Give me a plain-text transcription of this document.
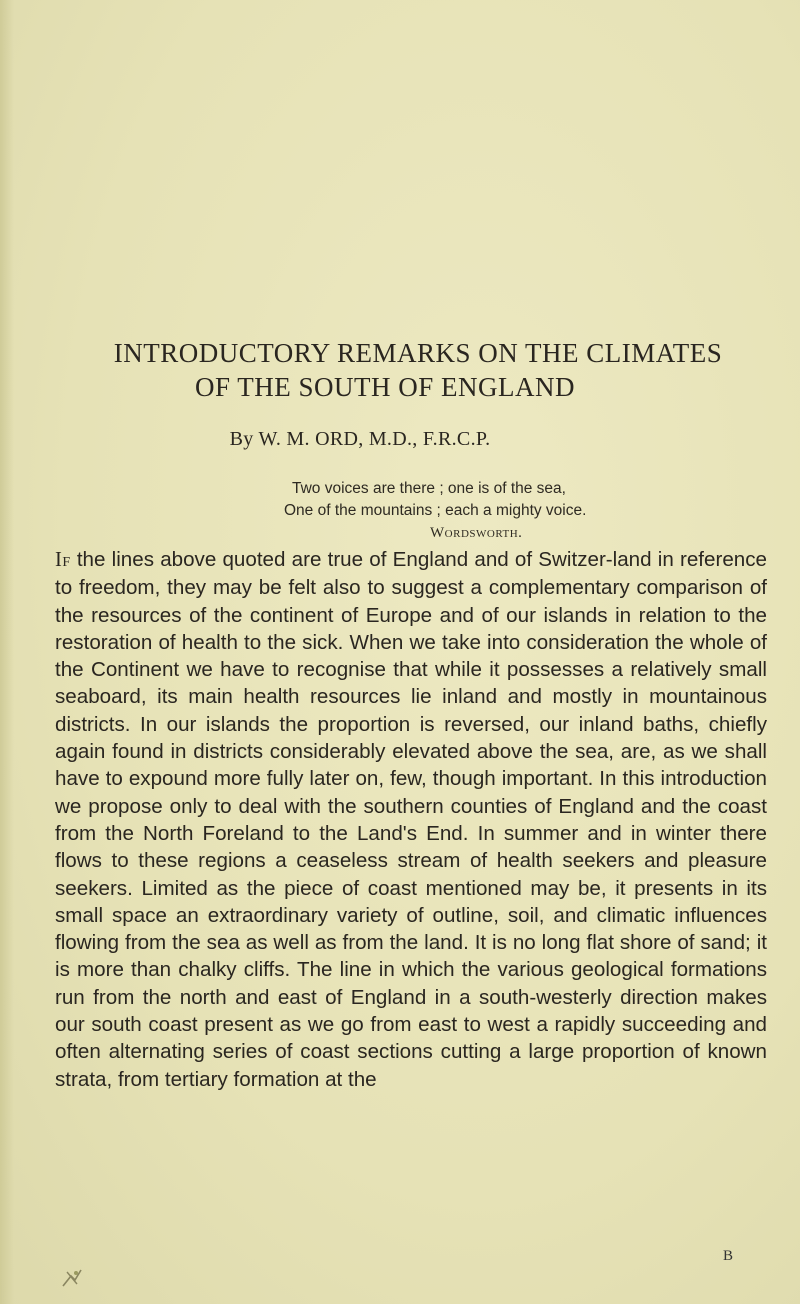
INTRODUCTORY REMARKS ON THE CLIMATES
OF THE SOUTH OF ENGLAND
By W. M. ORD, M.D., F.R.C.P.
Two voices are there ; one is of the sea,
One of the mountains ; each a mighty voice.
Wordsworth.

If the lines above quoted are true of England and of Switzer-land in reference to freedom, they may be felt also to suggest a complementary comparison of the resources of the continent of Europe and of our islands in relation to the restoration of health to the sick. When we take into consideration the whole of the Continent we have to recognise that while it possesses a relatively small seaboard, its main health resources lie inland and mostly in mountainous districts. In our islands the proportion is reversed, our inland baths, chiefly again found in districts considerably elevated above the sea, are, as we shall have to expound more fully later on, few, though important. In this introduction we propose only to deal with the southern counties of England and the coast from the North Foreland to the Land's End. In summer and in winter there flows to these regions a ceaseless stream of health seekers and pleasure seekers. Limited as the piece of coast mentioned may be, it presents in its small space an extraordinary variety of outline, soil, and climatic influences flowing from the sea as well as from the land. It is no long flat shore of sand; it is more than chalky cliffs. The line in which the various geological formations run from the north and east of England in a south-westerly direction makes our south coast present as we go from east to west a rapidly succeeding and often alternating series of coast sections cutting a large proportion of known strata, from tertiary formation at the

B
